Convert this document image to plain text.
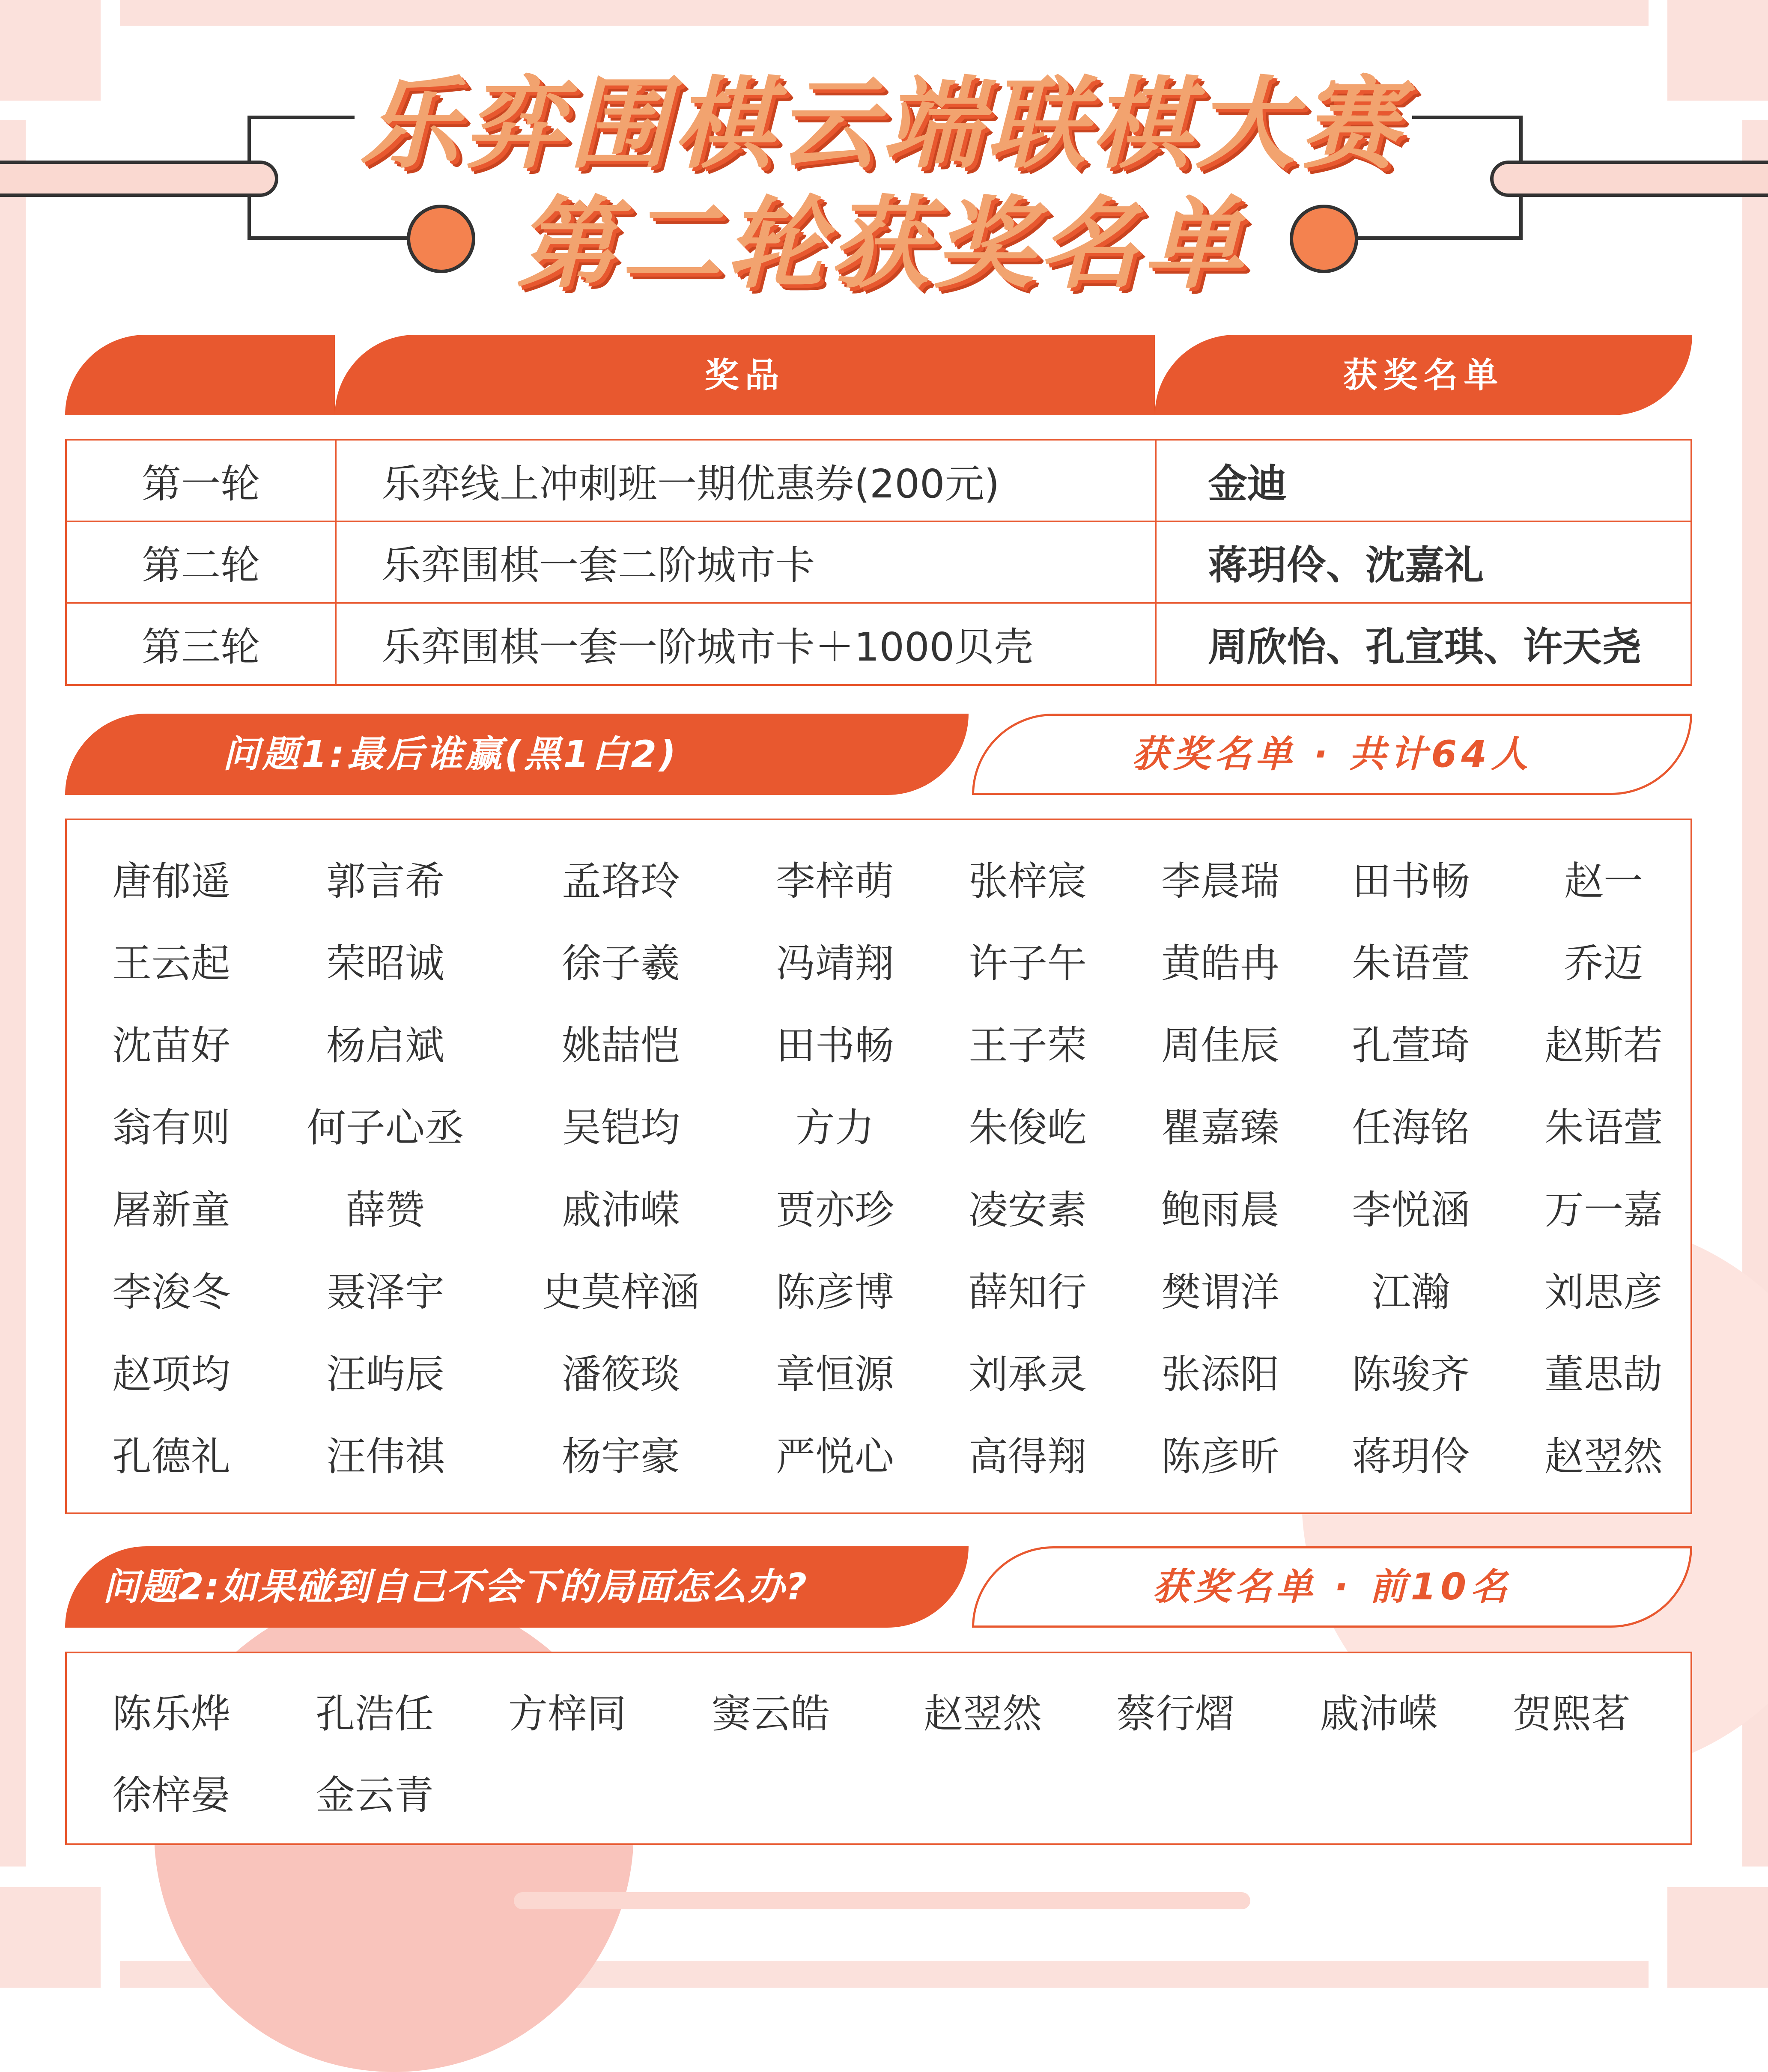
乐弈围棋云端联棋大赛
第二轮获奖名单
奖品	获奖名单
第一轮	乐弈线上冲刺班一期优惠券(200元)	金迪
第二轮	乐弈围棋一套二阶城市卡	蒋玥伶、沈嘉礼
第三轮	乐弈围棋一套一阶城市卡＋1000贝壳	周欣怡、孔宣琪、许天尧
问题1:最后谁赢(黑1白2)	获奖名单 · 共计64人
唐郁遥 郭言希	孟珞玲 李梓萌 张梓宸 李晨瑞 田书畅 赵一
王云起 荣昭诚	徐子羲 冯靖翔 许子午 黄皓冉 朱语萱 乔迈
沈苗好 杨启斌	姚喆恺 田书畅 王子荣 周佳辰 孔萱琦 赵斯若
翁有则 何子心丞 吴铠均	方力 朱俊屹 瞿嘉臻 任海铭 朱语萱
屠新童	薛赞	戚沛嵘 贾亦珍 凌安素 鲍雨晨 李悦涵 万一嘉
李浚冬 聂泽宇 史莫梓涵 陈彦博 薛知行 樊谓洋 江瀚 刘思彦
赵项均 汪屿辰	潘筱琰 章恒源 刘承灵 张添阳 陈骏齐 董思劼
孔德礼 汪伟祺	杨宇豪 严悦心 高得翔 陈彦昕 蒋玥伶 赵翌然
问题2:如果碰到自己不会下的局面怎么办?	获奖名单 · 前10名
陈乐烨 孔浩任 方梓同 窦云皓 赵翌然 蔡行熠 戚沛嵘 贺熙茗
徐梓晏 金云青
